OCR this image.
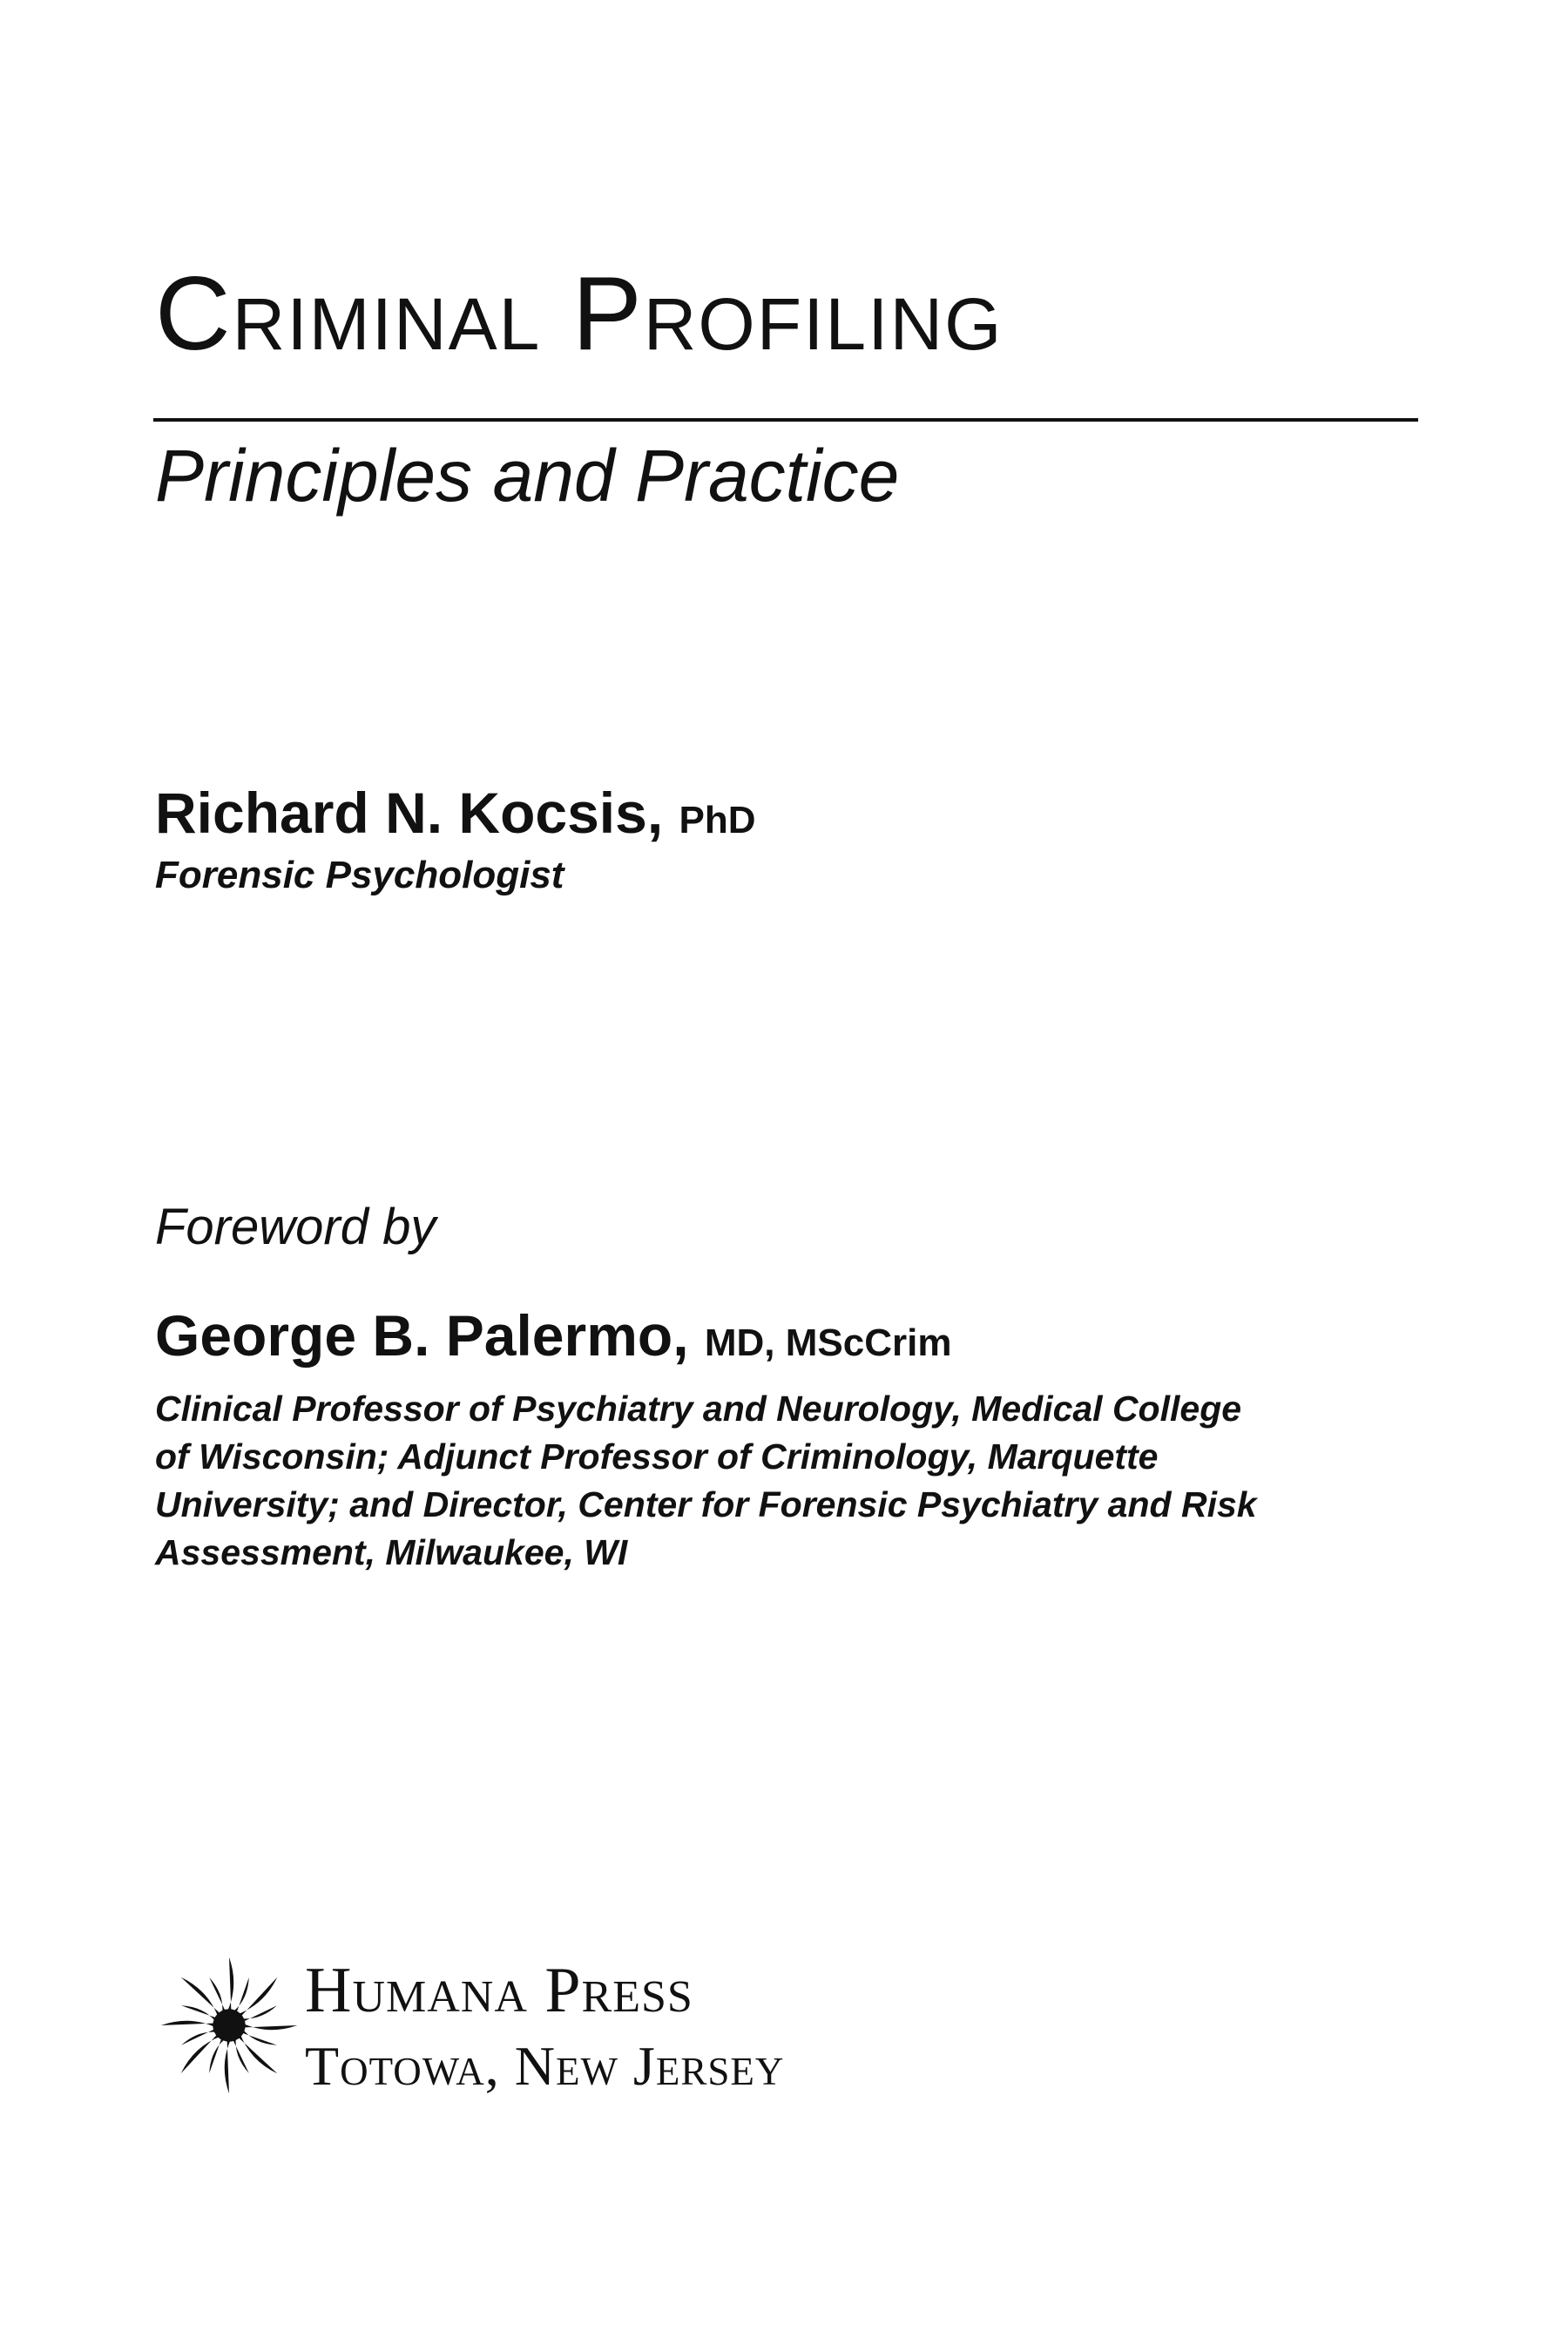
Criminal Profiling
Principles and Practice
Richard N. Kocsis, PhD
Forensic Psychologist
Foreword by
George B. Palermo, MD, MScCrim
Clinical Professor of Psychiatry and Neurology, Medical College
of Wisconsin; Adjunct Professor of Criminology, Marquette
University; and Director, Center for Forensic Psychiatry and Risk
Assessment, Milwaukee, WI
Humana Press
Totowa, New Jersey
